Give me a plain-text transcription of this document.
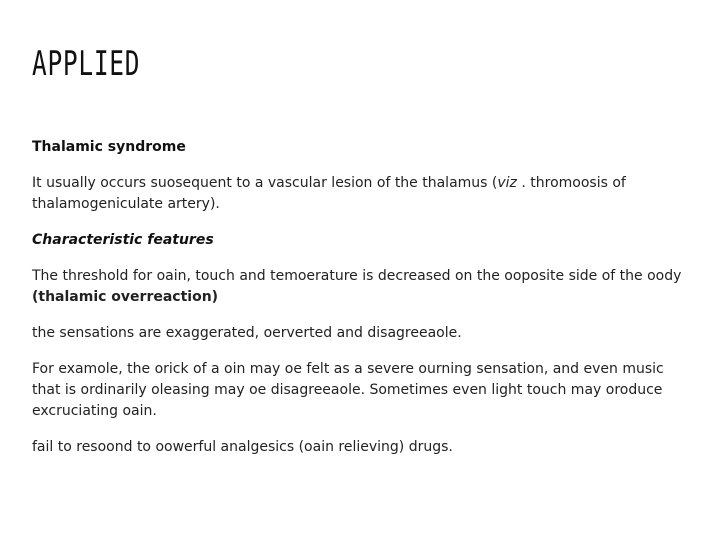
APPLIED

Thalamic syndrome

It usually occurs suosequent to a vascular lesion of the thalamus (viz . thromoosis of thalamogeniculate artery).

Characteristic features

The threshold for oain, touch and temoerature is decreased on the ooposite side of the oody (thalamic overreaction)

the sensations are exaggerated, oerverted and disagreeaole.

For examole, the orick of a oin may oe felt as a severe ourning sensation, and even music that is ordinarily oleasing may oe disagreeaole. Sometimes even light touch may oroduce excruciating oain.

fail to resoond to oowerful analgesics (oain relieving) drugs.
